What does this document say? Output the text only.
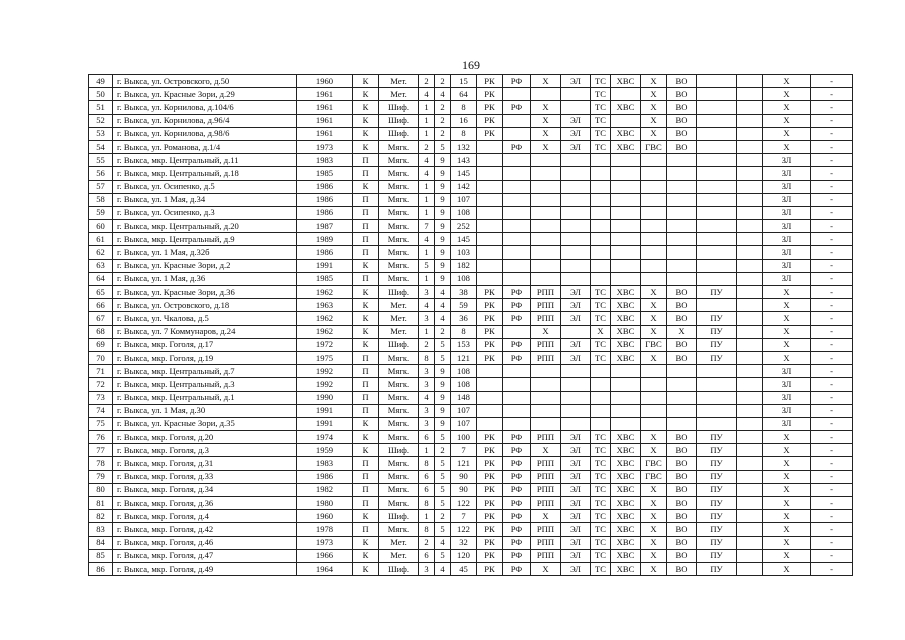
169
49	г. Выкса, ул. Островского, д.50	1960	К	Мет.	2	2	15	РК	РФ	Х	ЭЛ	ТС	ХВС	Х	ВО			Х	-
50	г. Выкса, ул. Красные Зори, д.29	1961	К	Мет.	4	4	64	РК				ТС		Х	ВО			Х	-
51	г. Выкса, ул. Корнилова, д.104/6	1961	К	Шиф.	1	2	8	РК	РФ	Х		ТС	ХВС	Х	ВО			Х	-
52	г. Выкса, ул. Корнилова, д.96/4	1961	К	Шиф.	1	2	16	РК		Х	ЭЛ	ТС		Х	ВО			Х	-
53	г. Выкса, ул. Корнилова, д.98/6	1961	К	Шиф.	1	2	8	РК		Х	ЭЛ	ТС	ХВС	Х	ВО			Х	-
54	г. Выкса, ул. Романова, д.1/4	1973	К	Мягк.	2	5	132		РФ	Х	ЭЛ	ТС	ХВС	ГВС	ВО			Х	-
55	г. Выкса, мкр. Центральный, д.11	1983	П	Мягк.	4	9	143											ЗЛ	-
56	г. Выкса, мкр. Центральный, д.18	1985	П	Мягк.	4	9	145											ЗЛ	-
57	г. Выкса, ул. Осипенко, д.5	1986	К	Мягк.	1	9	142											ЗЛ	-
58	г. Выкса, ул. 1 Мая, д.34	1986	П	Мягк.	1	9	107											ЗЛ	-
59	г. Выкса, ул. Осипенко, д.3	1986	П	Мягк.	1	9	108											ЗЛ	-
60	г. Выкса, мкр. Центральный, д.20	1987	П	Мягк.	7	9	252											ЗЛ	-
61	г. Выкса, мкр. Центральный, д.9	1989	П	Мягк.	4	9	145											ЗЛ	-
62	г. Выкса, ул. 1 Мая, д.32б	1986	П	Мягк.	1	9	103											ЗЛ	-
63	г. Выкса, ул. Красные Зори, д.2	1991	К	Мягк.	5	9	182											ЗЛ	-
64	г. Выкса, ул. 1 Мая, д.36	1985	П	Мягк.	1	9	108											ЗЛ	-
65	г. Выкса, ул. Красные Зори, д.36	1962	К	Шиф.	3	4	38	РК	РФ	РПП	ЭЛ	ТС	ХВС	Х	ВО	ПУ		Х	-
66	г. Выкса, ул. Островского, д.18	1963	К	Мет.	4	4	59	РК	РФ	РПП	ЭЛ	ТС	ХВС	Х	ВО			Х	-
67	г. Выкса, ул. Чкалова, д.5	1962	К	Мет.	3	4	36	РК	РФ	РПП	ЭЛ	ТС	ХВС	Х	ВО	ПУ		Х	-
68	г. Выкса, ул. 7 Коммунаров, д.24	1962	К	Мет.	1	2	8	РК		Х		Х	ХВС	Х	Х	ПУ		Х	-
69	г. Выкса, мкр. Гоголя, д.17	1972	К	Шиф.	2	5	153	РК	РФ	РПП	ЭЛ	ТС	ХВС	ГВС	ВО	ПУ		Х	-
70	г. Выкса, мкр. Гоголя, д.19	1975	П	Мягк.	8	5	121	РК	РФ	РПП	ЭЛ	ТС	ХВС	Х	ВО	ПУ		Х	-
71	г. Выкса, мкр. Центральный, д.7	1992	П	Мягк.	3	9	108											ЗЛ	-
72	г. Выкса, мкр. Центральный, д.3	1992	П	Мягк.	3	9	108											ЗЛ	-
73	г. Выкса, мкр. Центральный, д.1	1990	П	Мягк.	4	9	148											ЗЛ	-
74	г. Выкса, ул. 1 Мая, д.30	1991	П	Мягк.	3	9	107											ЗЛ	-
75	г. Выкса, ул. Красные Зори, д.35	1991	К	Мягк.	3	9	107											ЗЛ	-
76	г. Выкса, мкр. Гоголя, д.20	1974	К	Мягк.	6	5	100	РК	РФ	РПП	ЭЛ	ТС	ХВС	Х	ВО	ПУ		Х	-
77	г. Выкса, мкр. Гоголя, д.3	1959	К	Шиф.	1	2	7	РК	РФ	Х	ЭЛ	ТС	ХВС	Х	ВО	ПУ		Х	-
78	г. Выкса, мкр. Гоголя, д.31	1983	П	Мягк.	8	5	121	РК	РФ	РПП	ЭЛ	ТС	ХВС	ГВС	ВО	ПУ		Х	-
79	г. Выкса, мкр. Гоголя, д.33	1986	П	Мягк.	6	5	90	РК	РФ	РПП	ЭЛ	ТС	ХВС	ГВС	ВО	ПУ		Х	-
80	г. Выкса, мкр. Гоголя, д.34	1982	П	Мягк.	6	5	90	РК	РФ	РПП	ЭЛ	ТС	ХВС	Х	ВО	ПУ		Х	-
81	г. Выкса, мкр. Гоголя, д.36	1980	П	Мягк.	8	5	122	РК	РФ	РПП	ЭЛ	ТС	ХВС	Х	ВО	ПУ		Х	-
82	г. Выкса, мкр. Гоголя, д.4	1960	К	Шиф.	1	2	7	РК	РФ	Х	ЭЛ	ТС	ХВС	Х	ВО	ПУ		Х	-
83	г. Выкса, мкр. Гоголя, д.42	1978	П	Мягк.	8	5	122	РК	РФ	РПП	ЭЛ	ТС	ХВС	Х	ВО	ПУ		Х	-
84	г. Выкса, мкр. Гоголя, д.46	1973	К	Мет.	2	4	32	РК	РФ	РПП	ЭЛ	ТС	ХВС	Х	ВО	ПУ		Х	-
85	г. Выкса, мкр. Гоголя, д.47	1966	К	Мет.	6	5	120	РК	РФ	РПП	ЭЛ	ТС	ХВС	Х	ВО	ПУ		Х	-
86	г. Выкса, мкр. Гоголя, д.49	1964	К	Шиф.	3	4	45	РК	РФ	Х	ЭЛ	ТС	ХВС	Х	ВО	ПУ		Х	-
